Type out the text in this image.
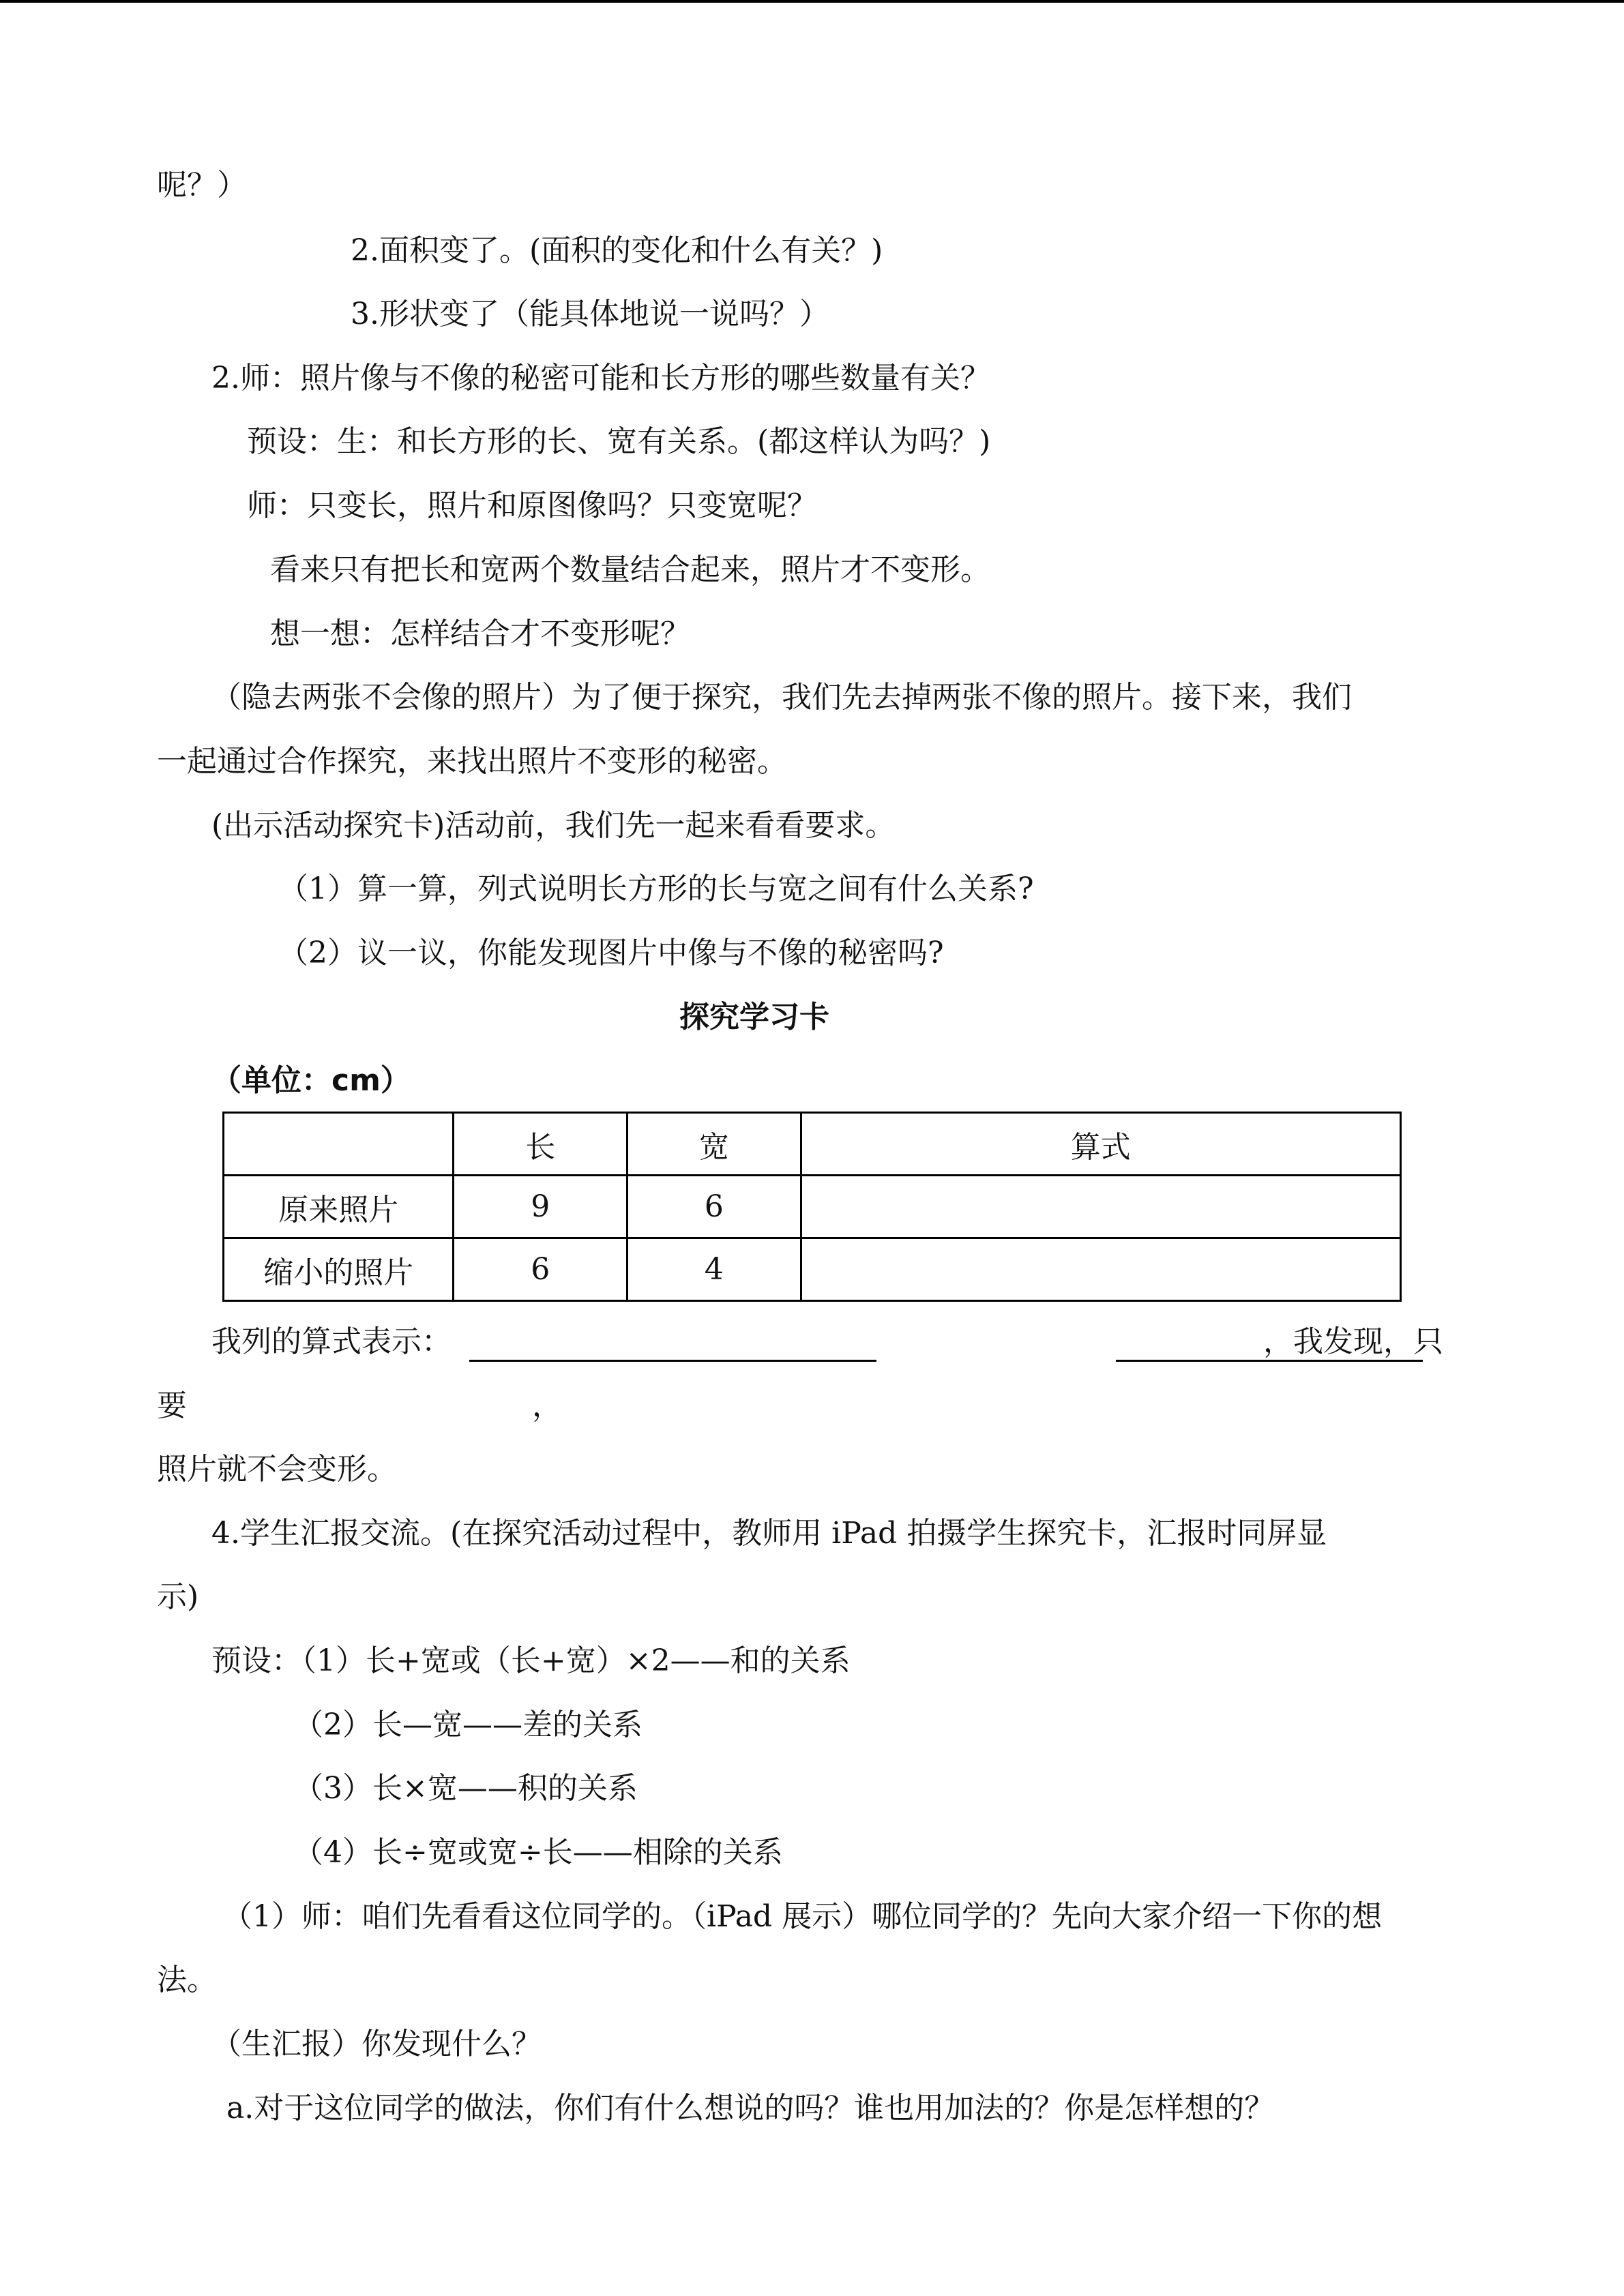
呢？）
2.面积变了。(面积的变化和什么有关？)
3.形状变了（能具体地说一说吗？）
2.师：照片像与不像的秘密可能和长方形的哪些数量有关？
预设：生：和长方形的长、宽有关系。(都这样认为吗？)
师：只变长，照片和原图像吗？只变宽呢？
看来只有把长和宽两个数量结合起来，照片才不变形。
想一想：怎样结合才不变形呢？
（隐去两张不会像的照片）为了便于探究，我们先去掉两张不像的照片。接下来，我们
一起通过合作探究，来找出照片不变形的秘密。
(出示活动探究卡)活动前，我们先一起来看看要求。
（1）算一算，列式说明长方形的长与宽之间有什么关系?
（2）议一议，你能发现图片中像与不像的秘密吗?
探究学习卡
（单位：cm）
	长	宽	算式
原来照片	9	6	
缩小的照片	6	4	
我列的算式表示：	，我发现，只
要	，
照片就不会变形。
4.学生汇报交流。(在探究活动过程中，教师用 iPad 拍摄学生探究卡，汇报时同屏显
示)
预设：（1）长+宽或（长+宽）×2——和的关系
（2）长—宽——差的关系
（3）长×宽——积的关系
（4）长÷宽或宽÷长——相除的关系
（1）师：咱们先看看这位同学的。（iPad 展示）哪位同学的？先向大家介绍一下你的想
法。
（生汇报）你发现什么？
a.对于这位同学的做法，你们有什么想说的吗？谁也用加法的？你是怎样想的？
